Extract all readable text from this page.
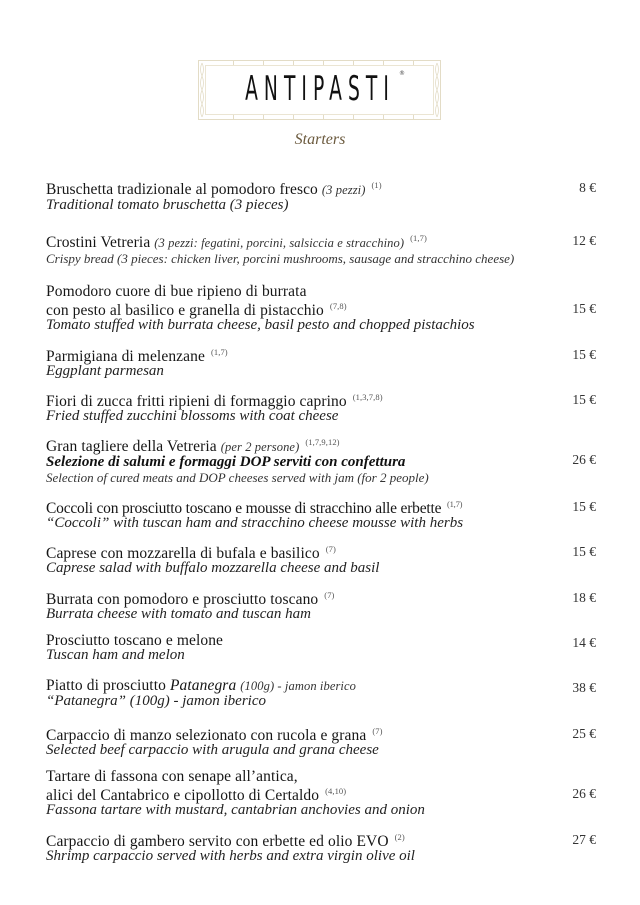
ANTIPASTI ®
Starters
Bruschetta tradizionale al pomodoro fresco (3 pezzi) $^{(1)}$
Traditional tomato bruschetta (3 pieces)
8 €
Crostini Vetreria (3 pezzi: fegatini, porcini, salsiccia e stracchino) $^{(1,7)}$
Crispy bread (3 pieces: chicken liver, porcini mushrooms, sausage and stracchino cheese)
12 €
Pomodoro cuore di bue ripieno di burrata
con pesto al basilico e granella di pistacchio $^{(7,8)}$
Tomato stuffed with burrata cheese, basil pesto and chopped pistachios
15 €
Parmigiana di melenzane $^{(1,7)}$
Eggplant parmesan
15 €
Fiori di zucca fritti ripieni di formaggio caprino $^{(1,3,7,8)}$
Fried stuffed zucchini blossoms with coat cheese
15 €
Gran tagliere della Vetreria (per 2 persone) $^{(1,7,9,12)}$
Selezione di salumi e formaggi DOP serviti con confettura
Selection of cured meats and DOP cheeses served with jam (for 2 people)
26 €
Coccoli con prosciutto toscano e mousse di stracchino alle erbette $^{(1,7)}$
“Coccoli” with tuscan ham and stracchino cheese mousse with herbs
15 €
Caprese con mozzarella di bufala e basilico $^{(7)}$
Caprese salad with buffalo mozzarella cheese and basil
15 €
Burrata con pomodoro e prosciutto toscano $^{(7)}$
Burrata cheese with tomato and tuscan ham
18 €
Prosciutto toscano e melone
Tuscan ham and melon
14 €
Piatto di prosciutto Patanegra (100g) - jamon iberico
“Patanegra” (100g) - jamon iberico
38 €
Carpaccio di manzo selezionato con rucola e grana $^{(7)}$
Selected beef carpaccio with arugula and grana cheese
25 €
Tartare di fassona con senape all’antica,
alici del Cantabrico e cipollotto di Certaldo $^{(4,10)}$
Fassona tartare with mustard, cantabrian anchovies and onion
26 €
Carpaccio di gambero servito con erbette ed olio EVO $^{(2)}$
Shrimp carpaccio served with herbs and extra virgin olive oil
27 €
